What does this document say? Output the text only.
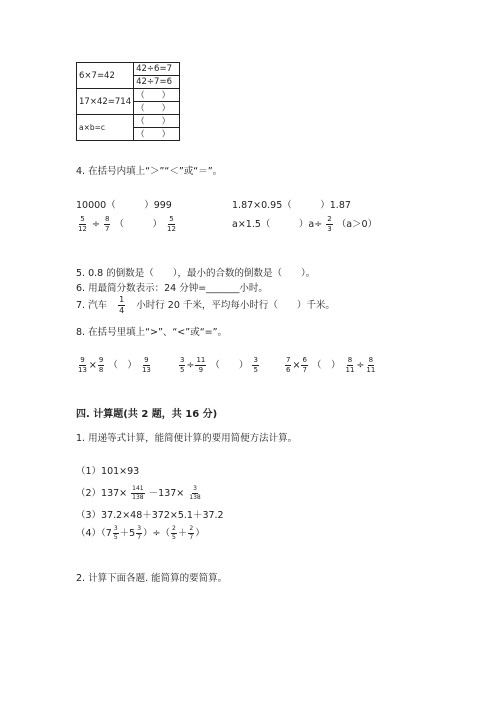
6×7=42	42÷6=7
	42÷7=6
17×42=714	（　　）
	（　　）
a×b=c	（　　）
	（　　）
4. 在括号内填上“＞”“＜”或“＝”。
10000（　　　）999	1.87×0.95（　　　）1.87
$\frac{5}{12} \div \frac{8}{7}$ （　　　） $\frac{5}{12}$	a×1.5（　　　）$a\div \frac{2}{3} (a>0)$
5. 0.8 的倒数是（　　），最小的合数的倒数是（　　）。
6. 用最简分数表示：24 分钟=_______小时。
7. 汽车 $\frac{1}{4}$ 小时行 20 千米，平均每小时行（　　）千米。
8. 在括号里填上“>”、“<”或“=”。
$\frac{9}{13} \times \frac{9}{8}$ （　） $\frac{9}{13}$	$\frac{3}{5} \div \frac{11}{9}$ （　　） $\frac{3}{5}$	$\frac{7}{6} \times \frac{6}{7}$ （　） $\frac{8}{11} \div \frac{8}{11}$
四. 计算题(共 2 题，共 16 分)
1. 用递等式计算，能简便计算的要用简便方法计算。
（1）101×93
$(2)137\times \frac{141}{138} -137\times \frac{3}{138}$
（3）37.2×48＋372×5.1＋37.2
$(4)(7 \frac{3}{5} +5 \frac{3}{7}$ ）÷（ $\frac{2}{5} + \frac{2}{7}$ ）
2. 计算下面各题. 能简算的要简算。
